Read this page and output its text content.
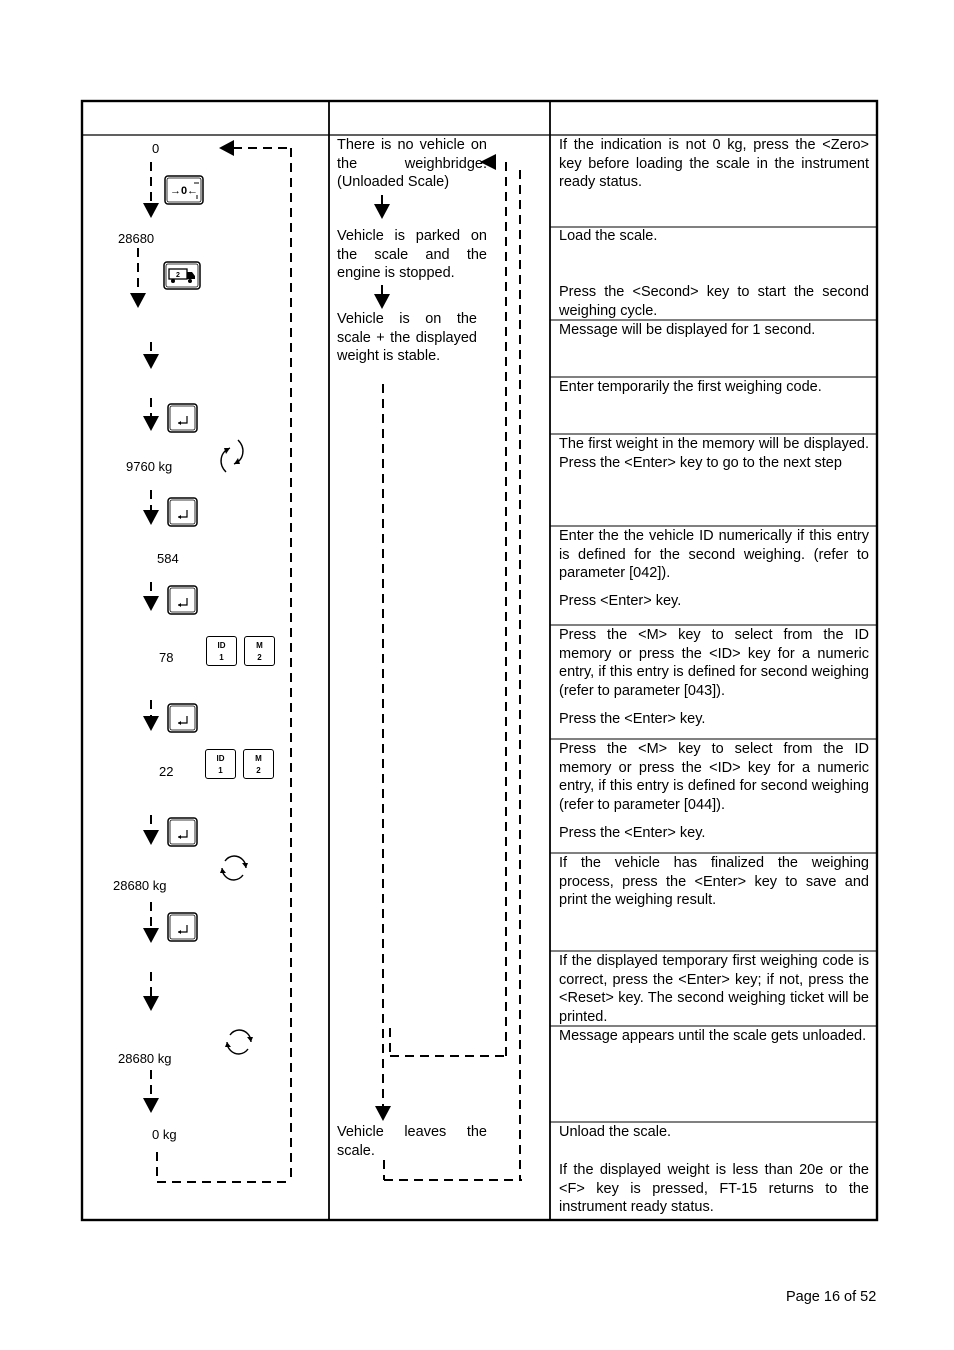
0
28680
9760 kg
584
78
22
28680 kg
28680 kg
0 kg
→0←
2
ID
1
M
2
ID
1
M
2
There is no vehicle on the weighbridge. (Unloaded Scale)
Vehicle is parked on the scale and the engine is stopped.
Vehicle is on the scale + the displayed weight is stable.
Vehicle leaves the scale.
If the indication is not 0 kg, press the <Zero> key before loading the scale in the instrument ready status.
Load the scale.
Press the <Second> key to start the second weighing cycle.
Message will be displayed for 1 second.
Enter temporarily the first weighing code.
The first weight in the memory will be displayed. Press the <Enter> key to go to the next step
Enter the the vehicle ID numerically if this entry is defined for the second weighing. (refer to parameter [042]).
Press <Enter> key.
Press the <M> key to select from the ID memory or press the <ID> key for a numeric entry, if this entry is defined for second weighing (refer to parameter [043]).
Press the <Enter> key.
Press the <M> key to select from the ID memory or press the <ID> key for a numeric entry, if this entry is defined for second weighing (refer to parameter [044]).
Press the <Enter> key.
If the vehicle has finalized the weighing process, press the <Enter> key to save and print the weighing result.
If the displayed temporary first weighing code is correct, press the <Enter> key; if not, press the <Reset> key. The second weighing ticket will be printed.
Message appears until the scale gets unloaded.
Unload the scale.
If the displayed weight is less than 20e or the <F> key is pressed, FT-15 returns to the instrument ready status.
Page 16 of 52
